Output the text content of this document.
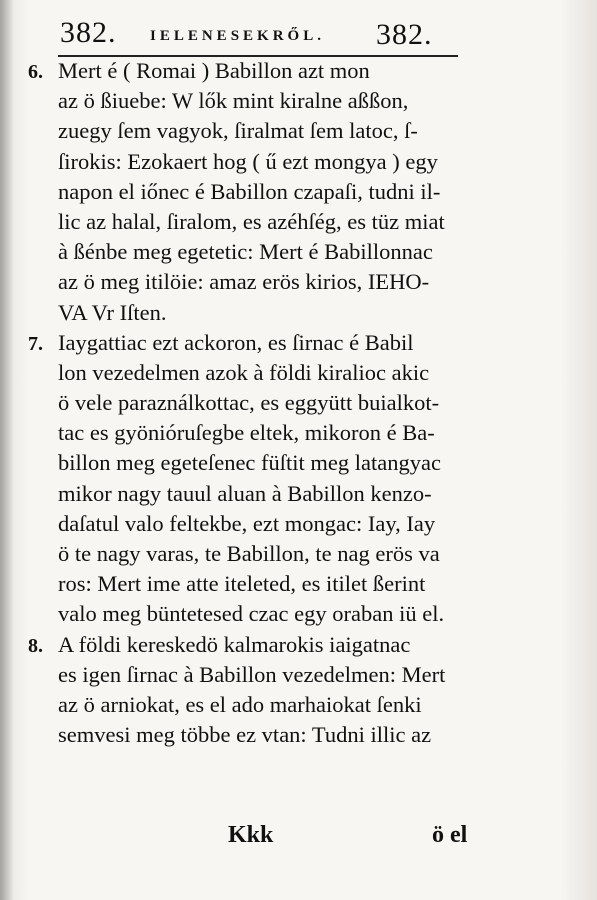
382. IELENESEKRŐL. 382.
6. Mert é ( Romai ) Babillon azt mon
az ö ßiuebe: W lők mint kiralne aßßon,
zuegy ſem vagyok, ſiralmat ſem latoc, ſ-
ſirokis: Ezokaert hog ( ű ezt mongya ) egy
napon el iőnec é Babillon czapaſi, tudni il-
lic az halal, ſiralom, es azéhſég, es tüz miat
à ßénbe meg egetetic: Mert é Babillonnac
az ö meg itilöie: amaz erös kirios, IEHO-
VA Vr Iſten.
7. Iaygattiac ezt ackoron, es ſirnac é Babil
lon vezedelmen azok à földi kiralioc akic
ö vele paraználkottac, es eggyütt buialkot-
tac es gyönióruſegbe eltek, mikoron é Ba-
billon meg egeteſenec füſtit meg latangyac
mikor nagy tauul aluan à Babillon kenzo-
daſatul valo feltekbe, ezt mongac: Iay, Iay
ö te nagy varas, te Babillon, te nag erös va
ros: Mert ime atte iteleted, es itilet ßerint
valo meg büntetesed czac egy oraban iü el.
8. A földi kereskedö kalmarokis iaigatnac
es igen ſirnac à Babillon vezedelmen: Mert
az ö arniokat, es el ado marhaiokat ſenki
semvesi meg többe ez vtan: Tudni illic az
Kkk	ö el
